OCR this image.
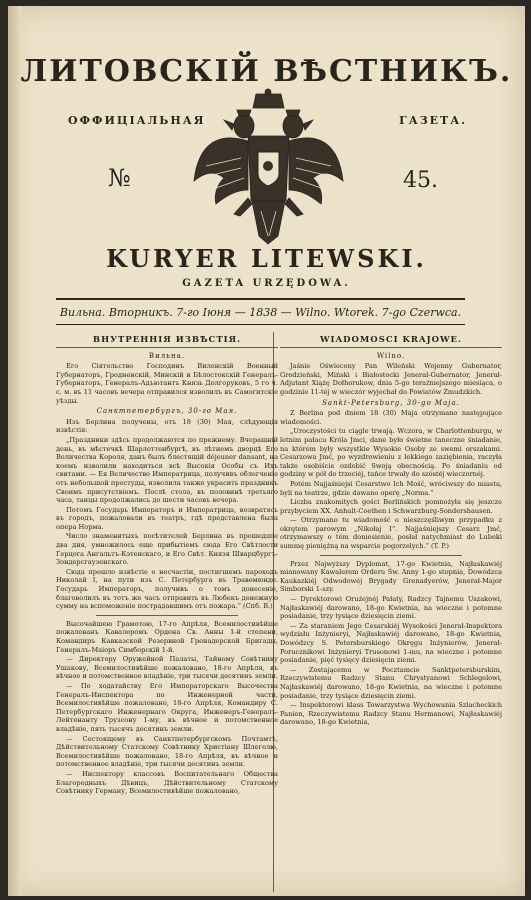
ЛИТОВСКІЙ ВѢСТНИКЪ.
ОФФИЦІАЛЬНАЯ	ГАЗЕТА.
№	45.
KURYER LITEWSKI.
GAZETA URZĘDOWA.
Вильна. Вторникъ. 7-го Іюня — 1838 — Wilno. Wtorek. 7-go Czerwca.
ВНУТРЕННІЯ ИЗВѢСТІЯ.
Вильна.

Его Сіятельство Господинъ Виленскій Военный Губернаторъ, Гродненскій, Минскій и Бѣлостокскій Генералъ-Губернаторъ, Генералъ-Адъютантъ Князь Долгоруковъ, 5 го ч. с. м. въ 11 часовъ вечера отправился изволилъ въ Самогитскіе уѣзды.

Санктпетербургъ, 30-го Мая.

Изъ Берлина получены, отъ 18 (30) Мая, слѣдующія извѣстія:

„Праздники здѣсь продолжаются по прежнему. Вчерашній день, въ мѣстечкѣ Шарлоттенбургѣ, въ лѣтнемъ дворцѣ Его Величества Короля, данъ былъ блестящій déjeuner dansant, на коемъ изволили находиться всѣ Высокія Особы съ Ихъ свитами. — Ея Величество Императрица, получивъ облегченіе отъ небольшой простуды, изволила также украсить праздникъ Своимъ присутствіемъ. Послѣ стола, въ половинѣ третьяго часа, танцы продолжались до шести часовъ вечера.

Потомъ Государь Императоръ и Императрица, возвратясь въ городъ, пожаловали въ театръ, гдѣ представлена была опера Норма.

Число знаменитыхъ посѣтителей Берлина въ прошедшіе два дня, умножилось еще прибытіемъ сюда Его Свѣтлости Герцога Ангальтъ-Кэтенскаго, и Его Свѣт. Князя Шварцбургъ-Зондерсгаузенскаго.

Сюда прошло извѣстіе о несчастіи, постигшемъ пароходъ Николай I, на пути изъ С. Петербурга въ Травемюнде. Государь Императоръ, получивъ о томъ донесеніе, благоволилъ въ тотъ же часъ отправить въ Любекъ денежную сумму на вспоможеніе пострадавшимъ отъ пожара.“ (Спб. В.)

Высочайшею Грамотою, 17-го Апрѣля, Всемилостивѣйше пожалованъ Кавалеромъ Ордена Св. Анны 1-й степени, Командиръ Кавказской Резервной Гренадерской Бригады, Генералъ-Маіоръ Симборскій 1-й.

— Директору Оружейной Палаты, Тайному Совѣтнику Ушакову, Всемилостивѣйше пожаловано, 18-го Апрѣля, въ вѣчное и потомственное владѣніе, три тысячи десятинъ земли.

— По ходатайству Его Императорскаго Высочества Генералъ-Инспектора по Инженерной части, Всемилостивѣйше пожаловано, 18-го Апрѣля, Командиру С. Петербургскаго Инженернаго Округа, Инженеръ-Генералъ-Лейтенанту Трузсону 1-му, въ вѣчное и потомственное владѣніе, пять тысячъ десятинъ земли.

— Состоящему въ Санктпетербургскомъ Почтамтѣ, Дѣйствительному Статскому Совѣтнику Христіану Шлегелю, Всемилостивѣйше пожаловано, 18-го Апрѣля, въ вѣчное и потомственное владѣніе, три тысячи десятинъ земли.

— Инспектору классовъ Воспитательнаго Общества Благородныхъ Дѣвицъ, Дѣйствительному Статскому Совѣтнику Герману, Всемилостивѣйше пожаловано,

WIADOMOŚCI KRAJOWE.
Wilno.

Jaśnie Oświecony Pan Wileński Wojenny Gubernator, Grodzieński, Miński i Białostocki Jenerał-Gubernator, Jenerał-Adjutant Xiążę Dołhorukow, dnia 5-go teraźniejszego miesiąca, o godzinie 11-téj w wieczór wyjechał do Powiatów Żmudzkich.

Sankt-Petersburg, 30-go Maja.

Z Berlina pod dniem 18 (30) Maja otrzymano następujące wiadomości.

„Uroczystości tu ciągle trwają. Wczora, w Charlottenburgu, w letnim pałacu Króla Jmci, dane było świetne taneczne śniadanie, na którém były wszystkie Wysokie Osoby ze swemi orszakami. Cesarzowa Jmć, po wyzdrowieniu z lekkiego zaziębienia, raczyła także osobiście ozdobić Swoją obecnością. Po śniadaniu od godziny w pół do trzeciéj, tańce trwały do szóstéj wieczornéj.

Potém Najjaśniejsi Cesarstwo Ich Mość, wróciwszy do miasta, byli na teatrze, gdzie dawano operę „Norma.“

Liczba znakomitych gości Berlińskich pomnożyła się jeszcze przybyciem XX. Anhalt-Coethen i Schwarzburg-Sondershausen.

— Otrzymano tu wiadomość o nieszczęśliwym przypadku z okrętem parowym „Nikołaj I“. Najjaśniejszy Cesarz Jmć, otrzymawszy o tém doniesienie, posłał natychmiast do Lubeki summę pieniężną na wsparcie pogorzelych.“ (T. P.)

Przez Najwyższy Dyplomat, 17-go Kwietnia, Najłaskawiéj mianowany Kawalerem Orderu Św. Anny 1-go stopnia, Dowódzca Kaukazkiéj Odwodowéj Brygady Grenadyerów, Jenerał-Major Simborski 1-szy.

— Dyrektorowi Orużejnéj Pałaty, Radzcy Tajnemu Uszakowi, Najłaskawiéj darowano, 18-go Kwietnia, na wieczne i potomne posiadanie, trzy tysiące dziesięcin ziemi.

— Za staraniem Jego Cesarskiéj Wysokości Jenerał-Inspektora wydziału Inżynieryi, Najłaskawiéj darowano, 18-go Kwietnia, Dowódzcy S. Petersburskiego Okręgu Inżynierów, Jenerał-Porucznikowi Inżynieryi Trusonowi 1-mu, na wieczne i potomne posiadanie, pięć tysięcy dziesięcin ziemi.

— Zostającemu w Pocztamcie Sanktpetersburskim, Rzeczywistemu Radzcy Stanu Chrystyanowi Schlegelowi, Najłaskawiéj darowano, 18-go Kwietnia, na wieczne i potomne posiadanie, trzy tysiące dziesięcin ziemi.

— Inspektorowi klass Towarzystwa Wychowania Szlacheckich Panien, Rzeczywistemu Radzcy Stanu Hermanowi, Najłaskawiéj darowano, 18-go Kwietnia,
